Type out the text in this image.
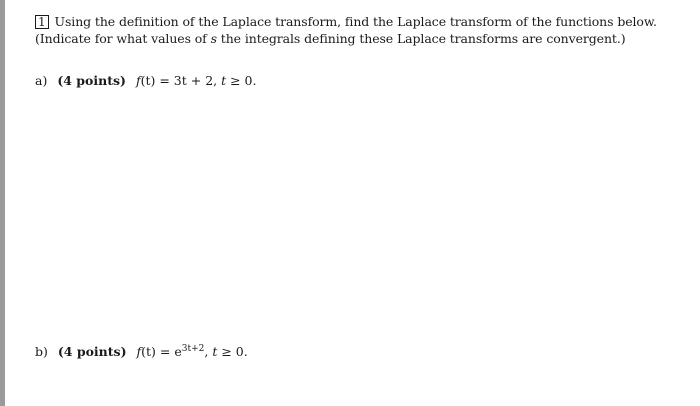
1 Using the definition of the Laplace transform, find the Laplace transform of the functions below.
(Indicate for what values of s the integrals defining these Laplace transforms are convergent.)
a) (4 points) f(t) = 3t + 2, t ≥ 0.
b) (4 points) $f(t) = e^{3t+2}$, t ≥ 0.
